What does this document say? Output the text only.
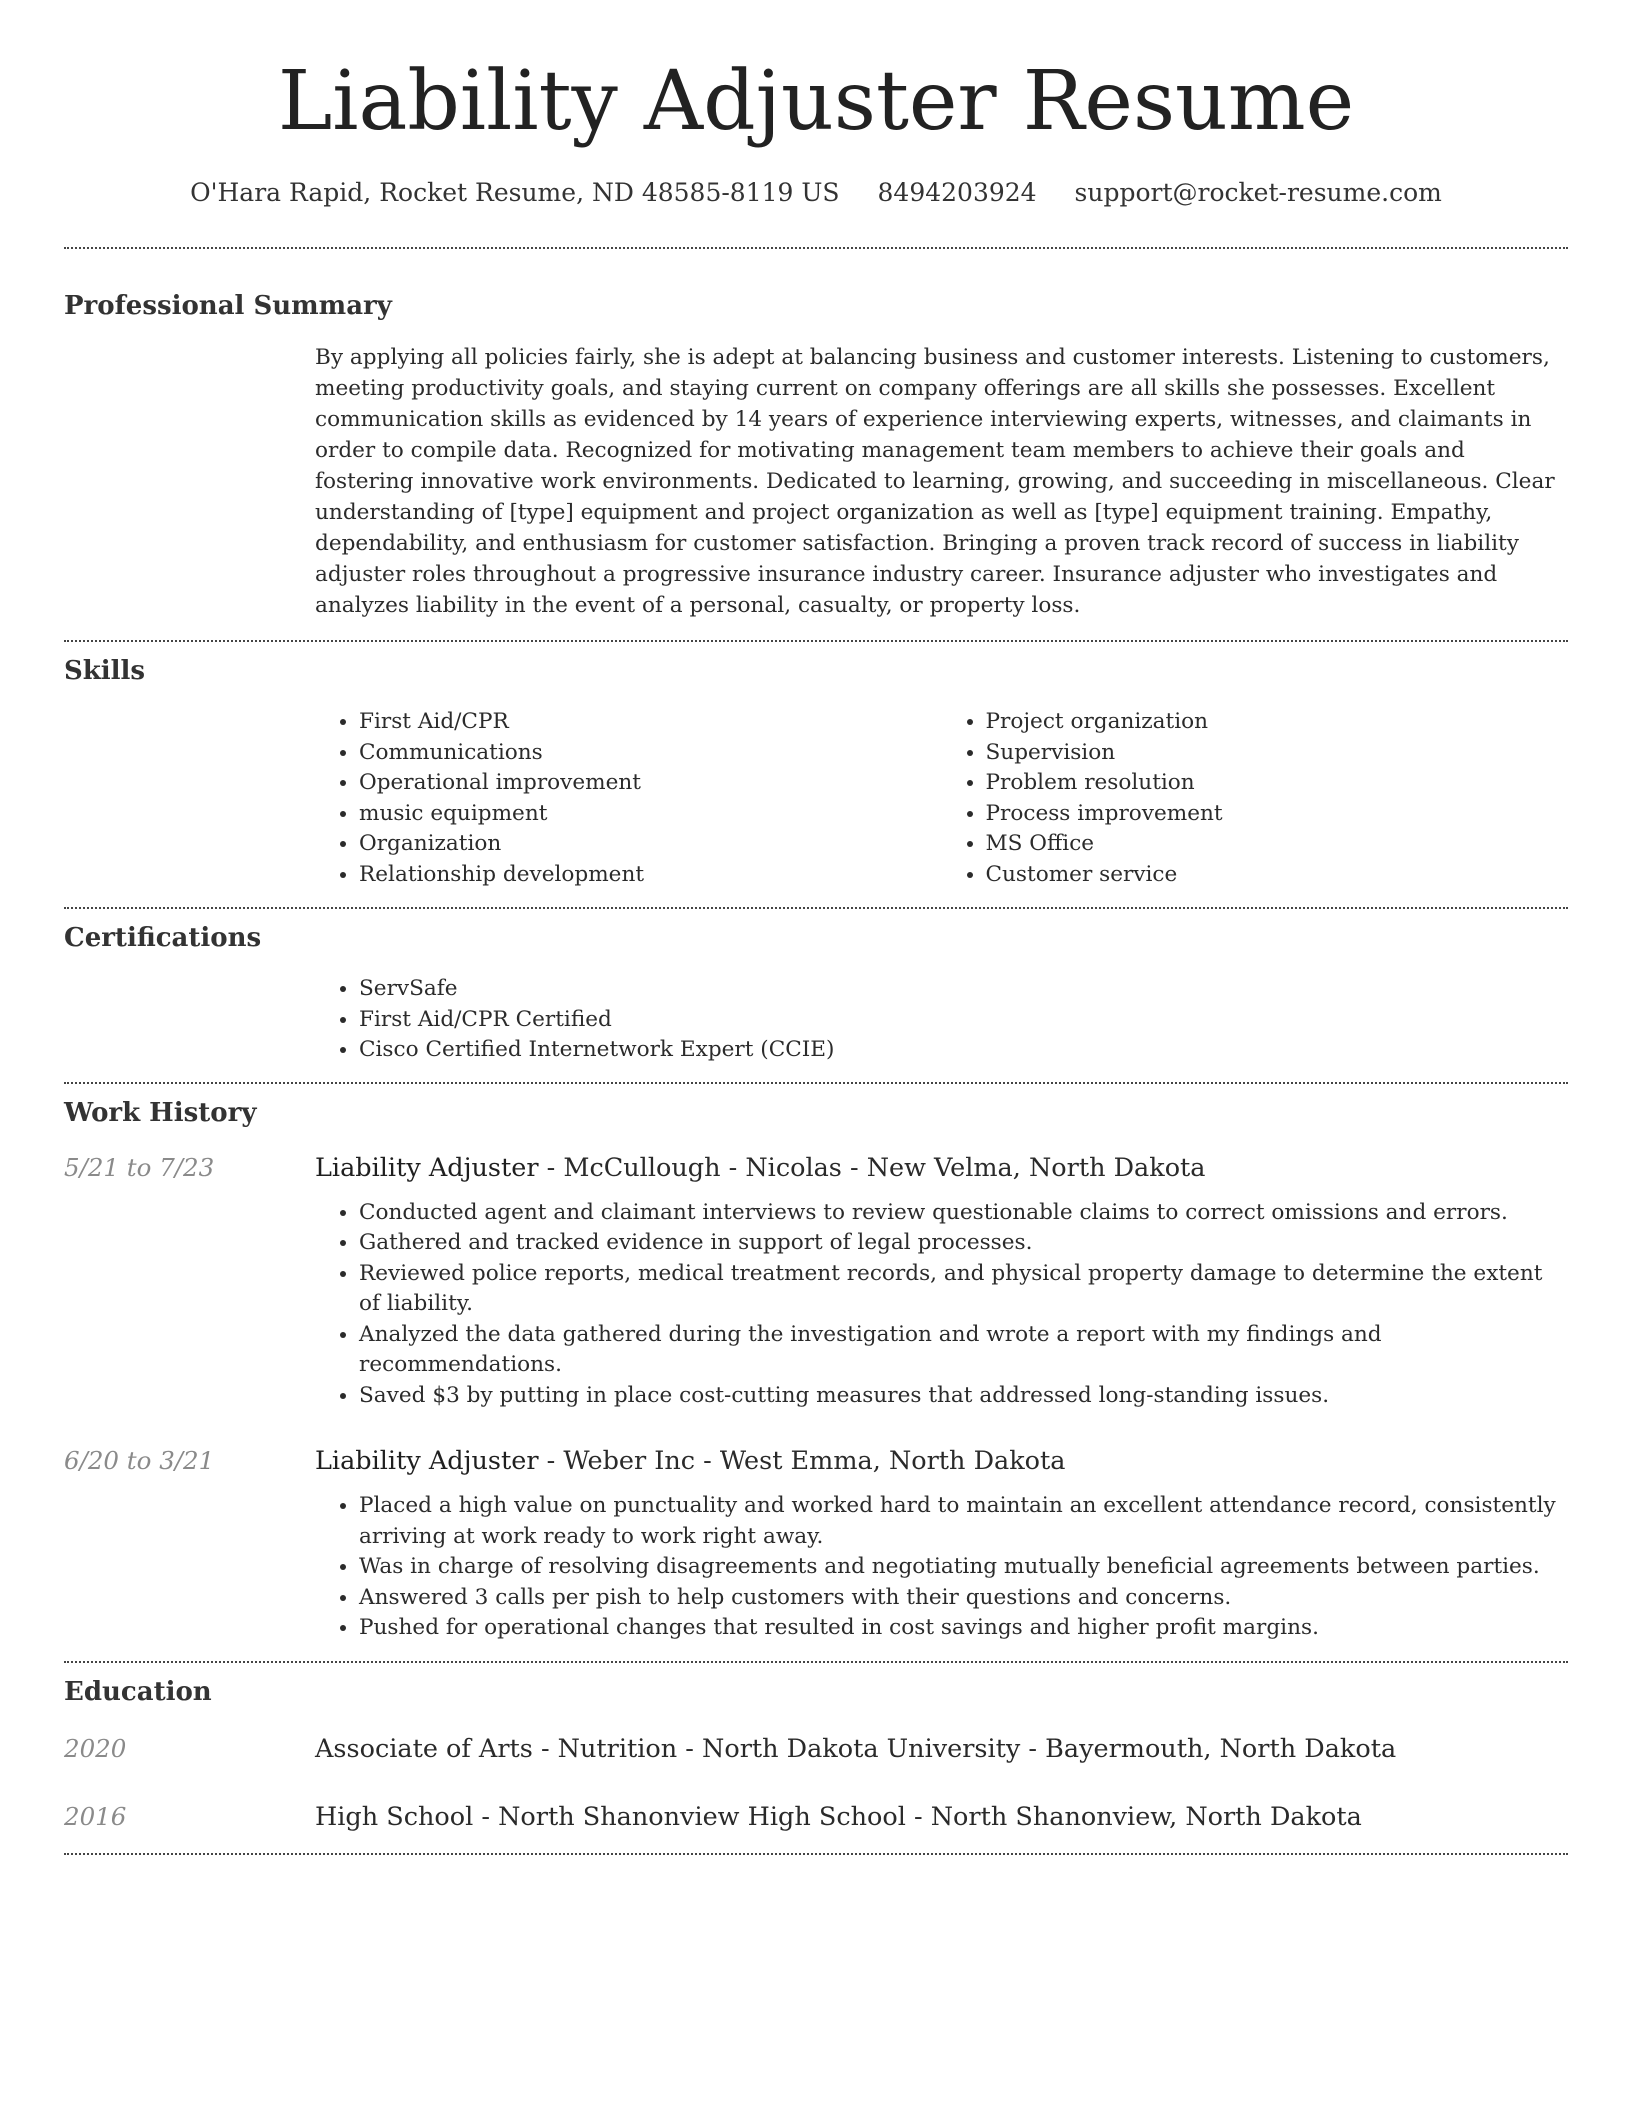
Liability Adjuster Resume
O'Hara Rapid, Rocket Resume, ND 48585-8119 US 8494203924 support@rocket-resume.com
Professional Summary

By applying all policies fairly, she is adept at balancing business and customer interests. Listening to customers, meeting productivity goals, and staying current on company offerings are all skills she possesses. Excellent communication skills as evidenced by 14 years of experience interviewing experts, witnesses, and claimants in order to compile data. Recognized for motivating management team members to achieve their goals and fostering innovative work environments. Dedicated to learning, growing, and succeeding in miscellaneous. Clear understanding of [type] equipment and project organization as well as [type] equipment training. Empathy, dependability, and enthusiasm for customer satisfaction. Bringing a proven track record of success in liability adjuster roles throughout a progressive insurance industry career. Insurance adjuster who investigates and analyzes liability in the event of a personal, casualty, or property loss.

Skills
• First Aid/CPR
• Communications
• Operational improvement
• music equipment
• Organization
• Relationship development
• Project organization
• Supervision
• Problem resolution
• Process improvement
• MS Office
• Customer service
Certifications
• ServSafe
• First Aid/CPR Certified
• Cisco Certified Internetwork Expert (CCIE)
Work History
5/21 to 7/23	Liability Adjuster - McCullough - Nicolas - New Velma, North Dakota
• Conducted agent and claimant interviews to review questionable claims to correct omissions and errors.
• Gathered and tracked evidence in support of legal processes.
• Reviewed police reports, medical treatment records, and physical property damage to determine the extent of liability.
• Analyzed the data gathered during the investigation and wrote a report with my findings and recommendations.
• Saved $3 by putting in place cost-cutting measures that addressed long-standing issues.
6/20 to 3/21	Liability Adjuster - Weber Inc - West Emma, North Dakota
• Placed a high value on punctuality and worked hard to maintain an excellent attendance record, consistently arriving at work ready to work right away.
• Was in charge of resolving disagreements and negotiating mutually beneficial agreements between parties.
• Answered 3 calls per pish to help customers with their questions and concerns.
• Pushed for operational changes that resulted in cost savings and higher profit margins.
Education
2020	Associate of Arts - Nutrition - North Dakota University - Bayermouth, North Dakota
2016	High School - North Shanonview High School - North Shanonview, North Dakota
